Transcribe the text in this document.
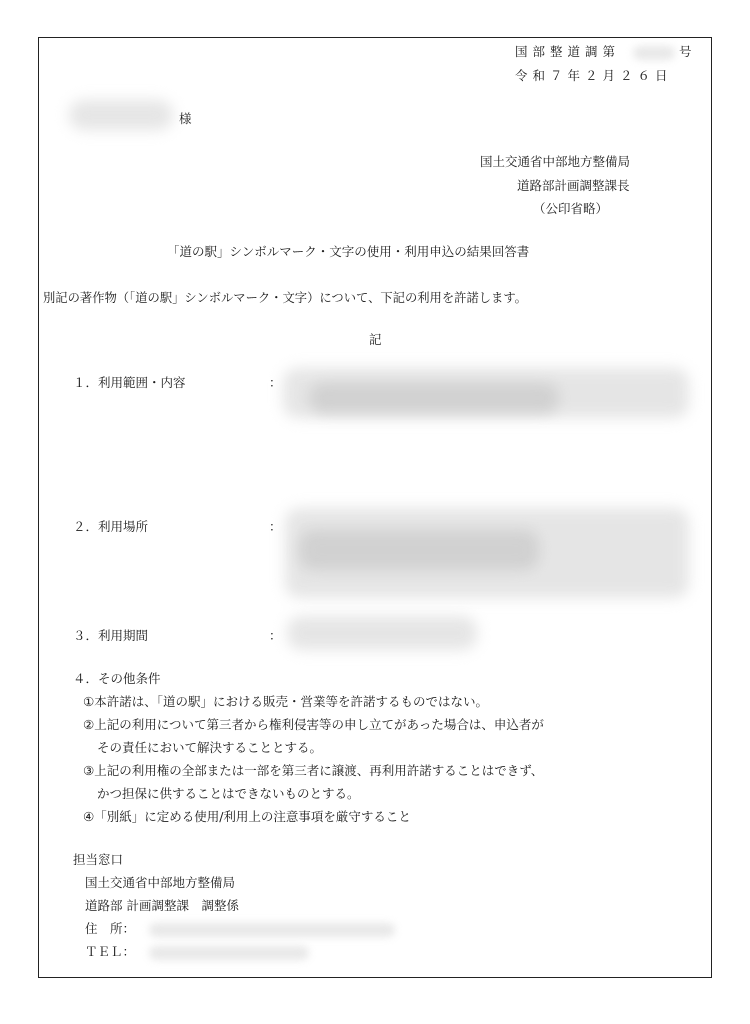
国部整道調第	号
令和７年２月２６日
様
国土交通省中部地方整備局
道路部計画調整課長
（公印省略）
「道の駅」シンボルマーク・文字の使用・利用申込の結果回答書
別記の著作物（「道の駅」シンボルマーク・文字）について、下記の利用を許諾します。
記
１．利用範囲・内容	：
２．利用場所	：
３．利用期間	：
４．その他条件
①本許諾は、「道の駅」における販売・営業等を許諾するものではない。
②上記の利用について第三者から権利侵害等の申し立てがあった場合は、申込者が
その責任において解決することとする。
③上記の利用権の全部または一部を第三者に譲渡、再利用許諾することはできず、
かつ担保に供することはできないものとする。
④「別紙」に定める使用/利用上の注意事項を厳守すること
担当窓口
国土交通省中部地方整備局
道路部 計画調整課　調整係
住　所：
ＴＥＬ：
